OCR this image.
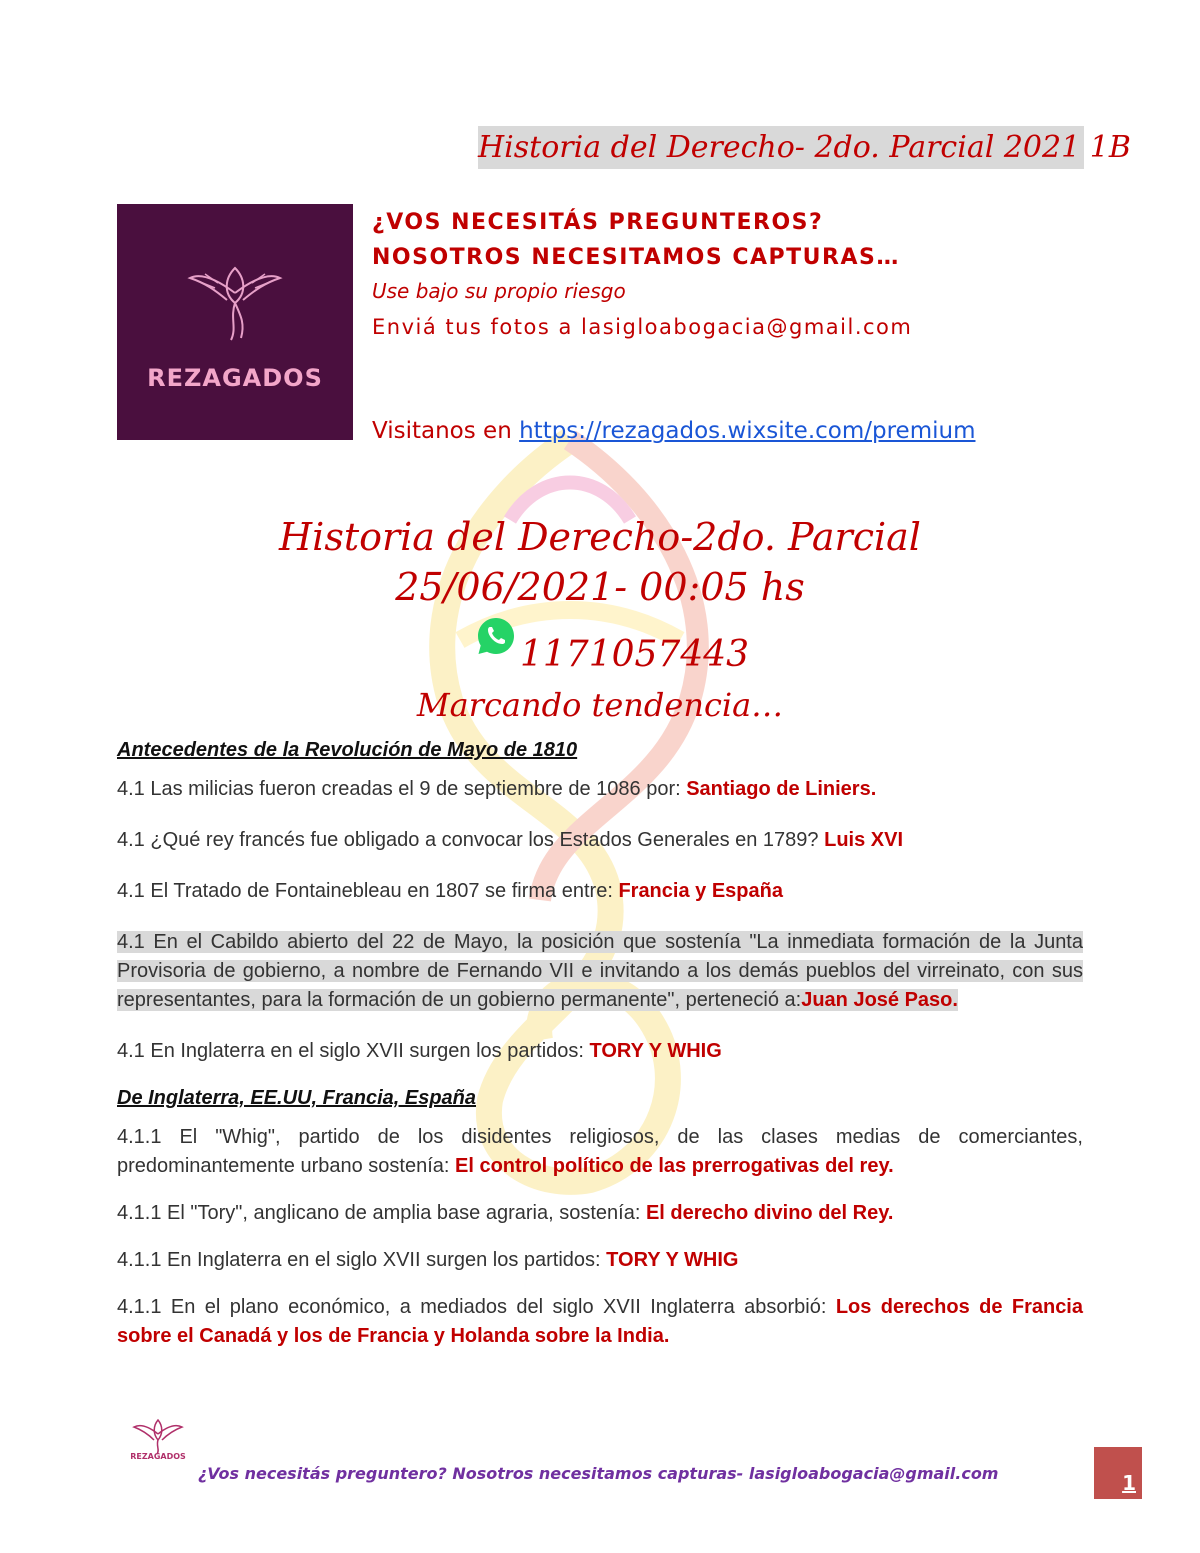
Historia del Derecho- 2do. Parcial 2021 1B
REZAGADOS
¿VOS NECESITÁS PREGUNTEROS?
NOSOTROS NECESITAMOS CAPTURAS…
Use bajo su propio riesgo
Enviá tus fotos a lasigloabogacia@gmail.com
Visitanos en https://rezagados.wixsite.com/premium
Historia del Derecho-2do. Parcial
25/06/2021- 00:05 hs
1171057443
Marcando tendencia…
Antecedentes de la Revolución de Mayo de 1810

4.1 Las milicias fueron creadas el 9 de septiembre de 1086 por: Santiago de Liniers.

4.1 ¿Qué rey francés fue obligado a convocar los Estados Generales en 1789? Luis XVI

4.1 El Tratado de Fontainebleau en 1807 se firma entre: Francia y España

4.1 En el Cabildo abierto del 22 de Mayo, la posición que sostenía "La inmediata formación de la Junta Provisoria de gobierno, a nombre de Fernando VII e invitando a los demás pueblos del virreinato, con sus representantes, para la formación de un gobierno permanente", perteneció a:Juan José Paso.

4.1 En Inglaterra en el siglo XVII surgen los partidos: TORY Y WHIG

De Inglaterra, EE.UU, Francia, España

4.1.1 El "Whig", partido de los disidentes religiosos, de las clases medias de comerciantes, predominantemente urbano sostenía: El control político de las prerrogativas del rey.

4.1.1 El "Tory", anglicano de amplia base agraria, sostenía: El derecho divino del Rey.

4.1.1 En Inglaterra en el siglo XVII surgen los partidos: TORY Y WHIG

4.1.1 En el plano económico, a mediados del siglo XVII Inglaterra absorbió: Los derechos de Francia sobre el Canadá y los de Francia y Holanda sobre la India.

REZAGADOS
¿Vos necesitás preguntero? Nosotros necesitamos capturas- lasigloabogacia@gmail.com	1
